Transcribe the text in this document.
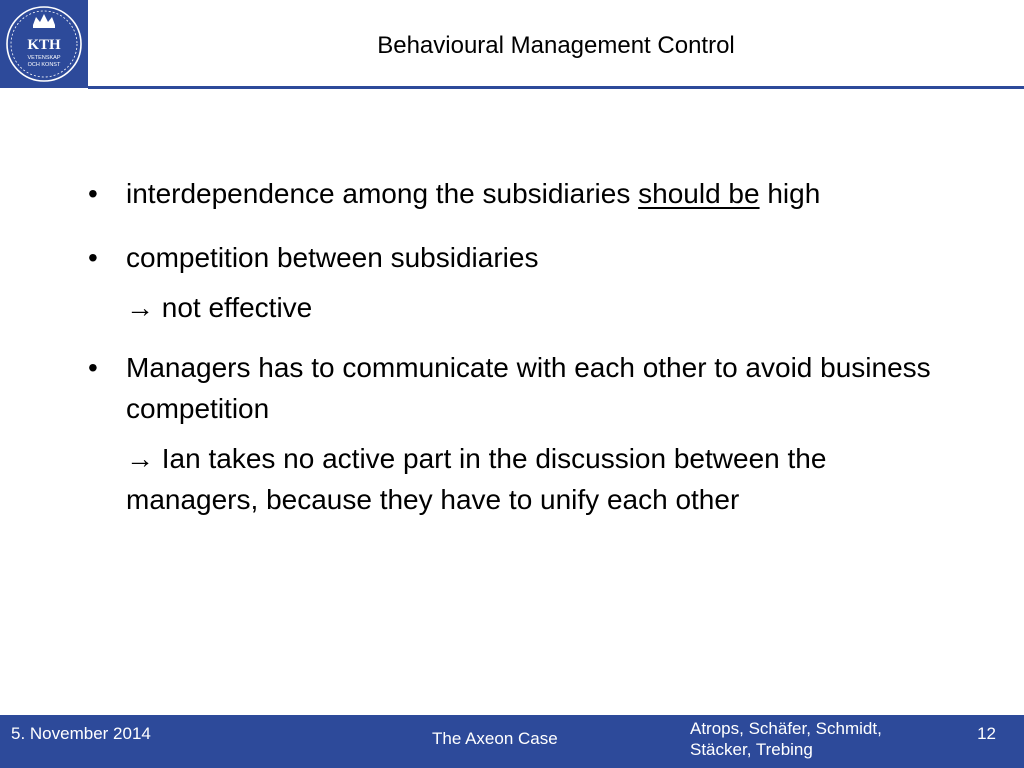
KTH
VETENSKAP
OCH KONST
Behavioural Management Control
• interdependence among the subsidiaries should be high
• competition between subsidiaries
→ not effective
• Managers has to communicate with each other to avoid business competition
→ Ian takes no active part in the discussion between the managers, because they have to unify each other
5. November 2014	The Axeon Case
Atrops, Schäfer, Schmidt,
Stäcker, Trebing
12
